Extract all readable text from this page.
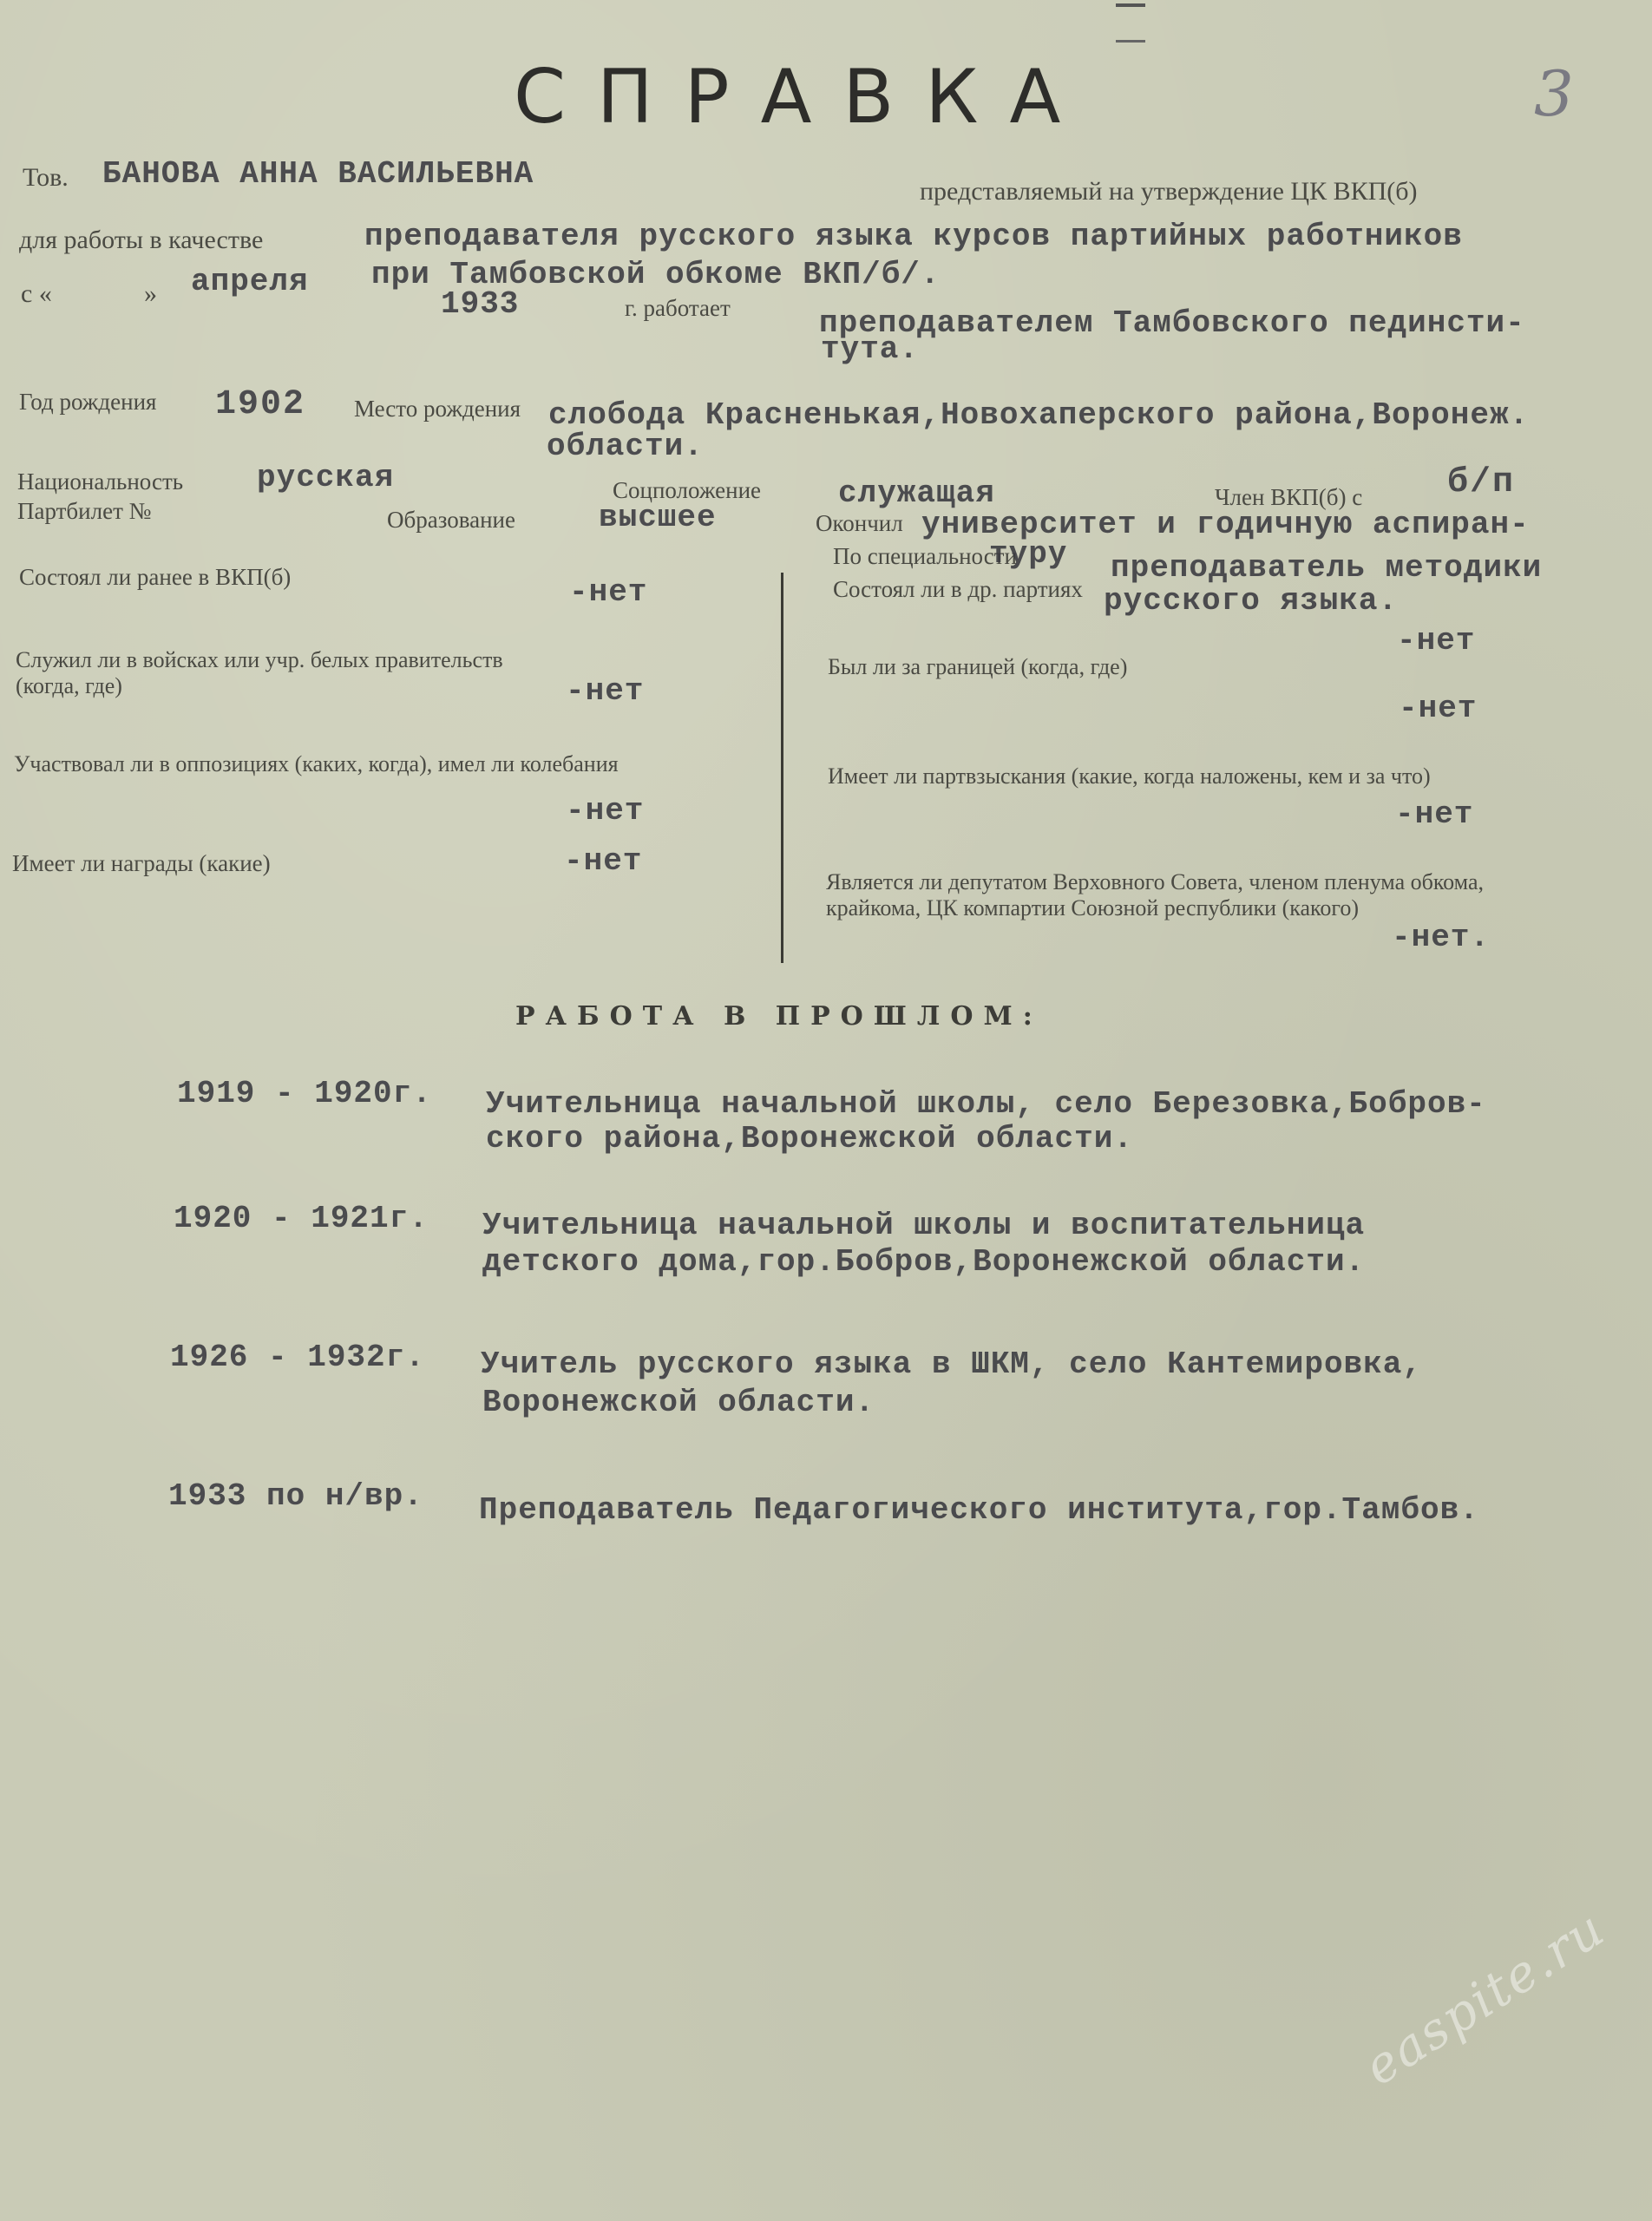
СПРАВКА	3
Тов. БАНОВА АННА ВАСИЛЬЕВНА	представляемый на утверждение ЦК ВКП(б)
для работы в качестве	преподавателя русского языка курсов партийных работников
при Тамбовской обкоме ВКП/б/.
с «	» апреля
1933	г. работает	преподавателем Тамбовского пединсти-
тута.
Год рождения 1902 Место рождения слобода Красненькая,Новохаперского района,Воронеж.
области.
Национальность русская	Соцположение служащая	Член ВКП(б) с б/п
Партбилет №	Образование	высшее	Окончил университет и годичную аспиран-
По специальности
туру преподаватель методики
русского языка.
Состоял ли ранее в ВКП(б)	-нет
Служил ли в войсках или учр. белых правительств (когда, где)	-нет
Участвовал ли в оппозициях (каких, когда), имел ли колебания
-нет
Имеет ли награды (какие)	-нет
Состоял ли в др. партиях
-нет
Был ли за границей (когда, где)
-нет
Имеет ли партвзыскания (какие, когда наложены, кем и за что)
-нет
Является ли депутатом Верховного Совета, членом пленума обкома, крайкома, ЦК компартии Союзной республики (какого)
-нет.
РАБОТА В ПРОШЛОМ:
1919 - 1920г. Учительница начальной школы, село Березовка,Бобров-
ского района,Воронежской области.
1920 - 1921г. Учительница начальной школы и воспитательница
детского дома,гор.Бобров,Воронежской области.
1926 - 1932г. Учитель русского языка в ШКМ, село Кантемировка,
Воронежской области.
1933 по н/вр. Преподаватель Педагогического института,гор.Тамбов.
easpite.ru
